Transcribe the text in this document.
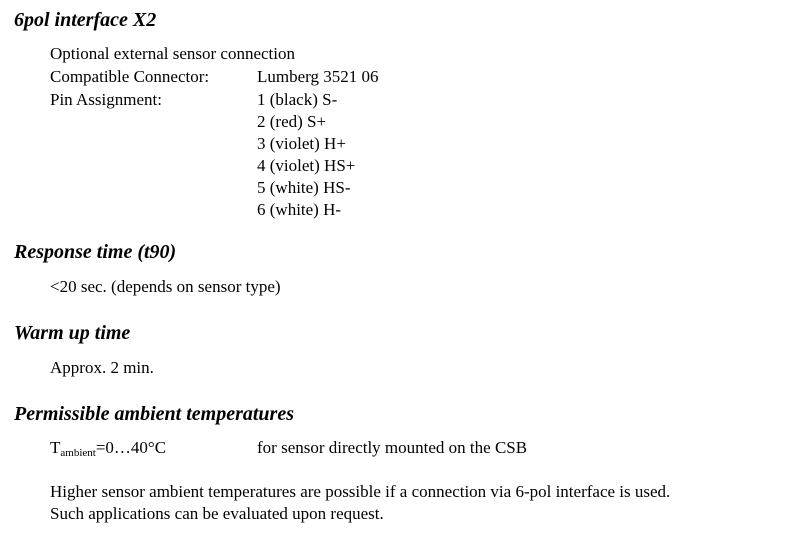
6pol interface X2

Optional external sensor connection

Compatible Connector:	Lumberg 3521 06

Pin Assignment:	1 (black) S-
2 (red) S+
3 (violet) H+
4 (violet) HS+
5 (white) HS-
6 (white) H-
Response time (t90)

<20 sec. (depends on sensor type)

Warm up time

Approx. 2 min.

Permissible ambient temperatures

$T_{ambient}=0\dots 40^\circ C$	for sensor directly mounted on the CSB

Higher sensor ambient temperatures are possible if a connection via 6-pol interface is used.

Such applications can be evaluated upon request.
